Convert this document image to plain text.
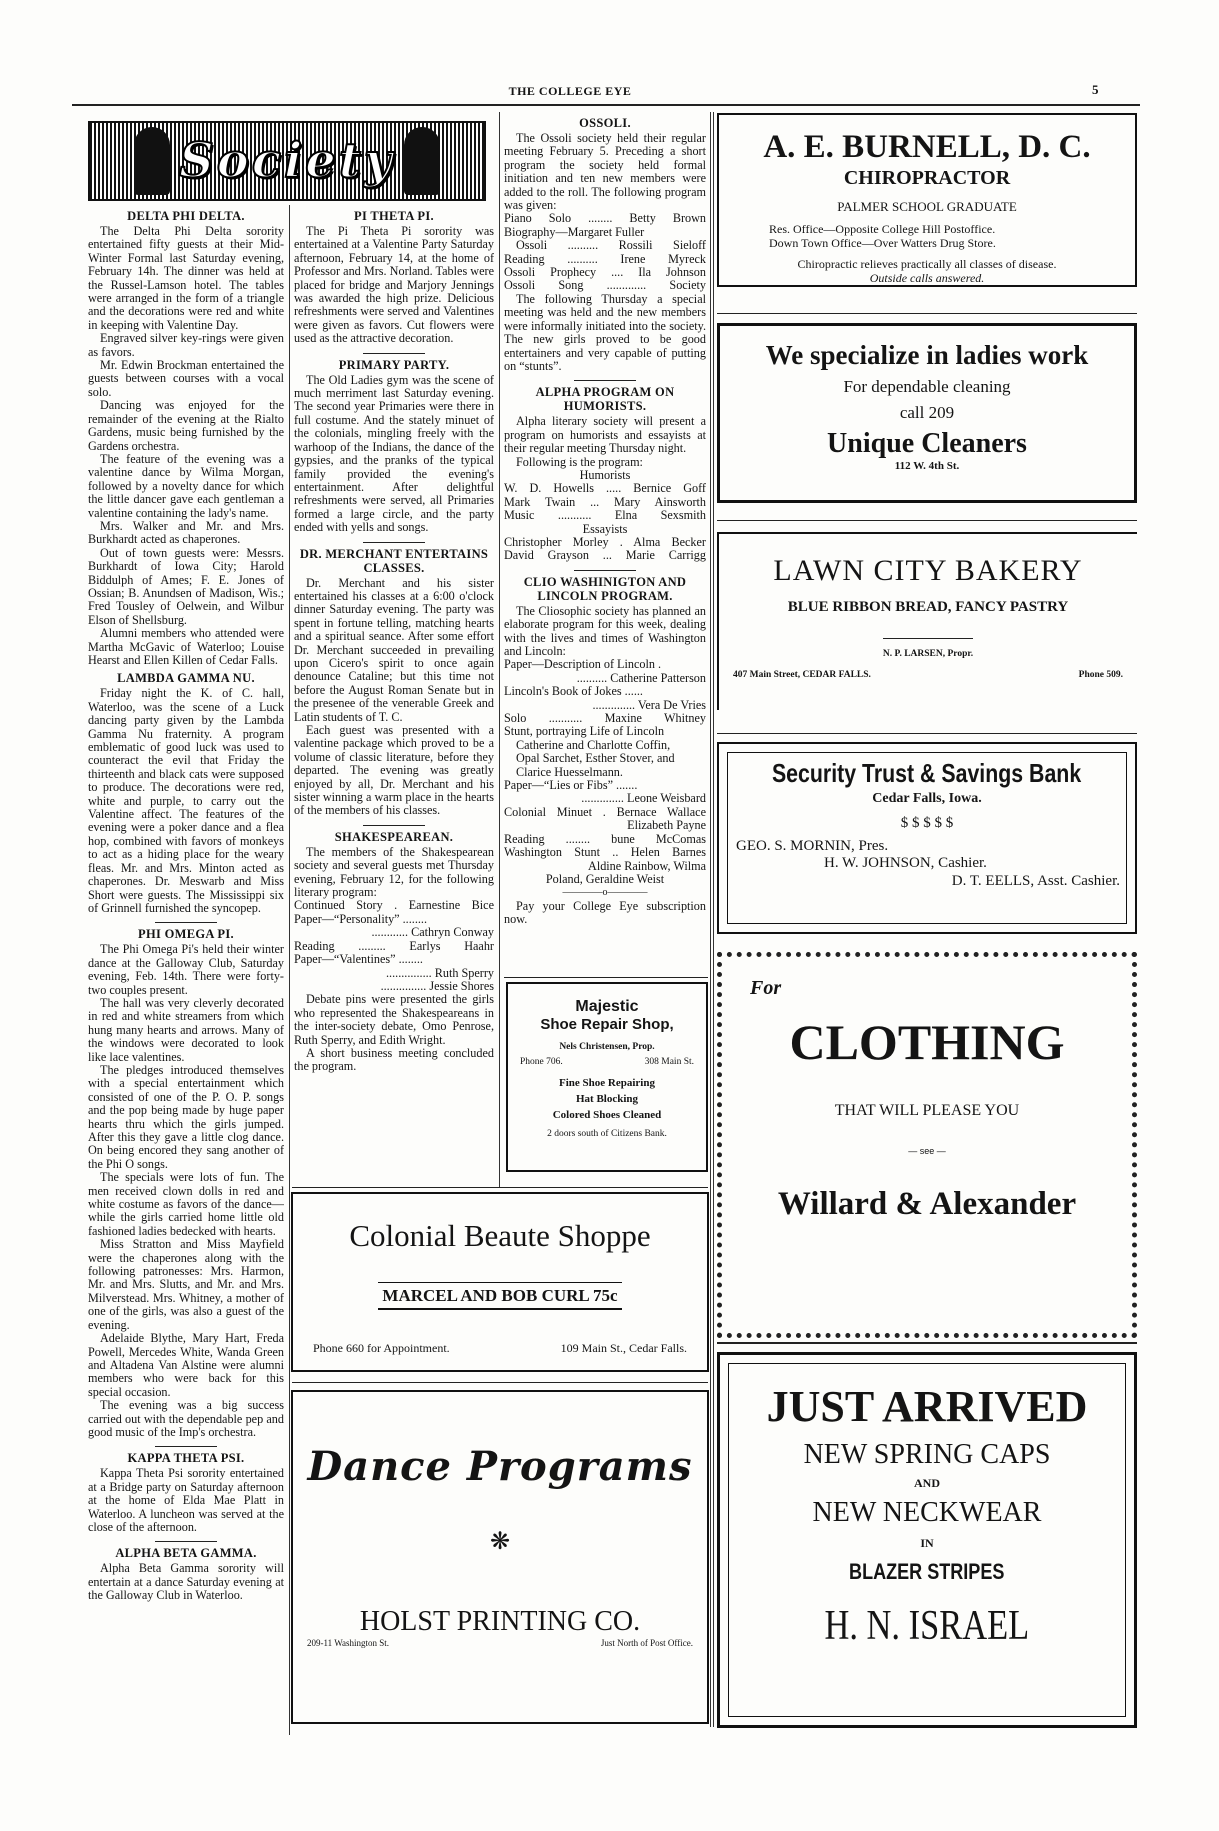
THE COLLEGE EYE	5
Society
DELTA PHI DELTA.

The Delta Phi Delta sorority entertained fifty guests at their Mid-Winter Formal last Saturday evening, February 14h. The dinner was held at the Russel-Lamson hotel. The tables were arranged in the form of a triangle and the decorations were red and white in keeping with Valentine Day.

Engraved silver key-rings were given as favors.

Mr. Edwin Brockman entertained the guests between courses with a vocal solo.

Dancing was enjoyed for the remainder of the evening at the Rialto Gardens, music being furnished by the Gardens orchestra.

The feature of the evening was a valentine dance by Wilma Morgan, followed by a novelty dance for which the little dancer gave each gentleman a valentine containing the lady's name.

Mrs. Walker and Mr. and Mrs. Burkhardt acted as chaperones.

Out of town guests were: Messrs. Burkhardt of Iowa City; Harold Biddulph of Ames; F. E. Jones of Ossian; B. Anundsen of Madison, Wis.; Fred Tousley of Oelwein, and Wilbur Elson of Shellsburg.

Alumni members who attended were Martha McGavic of Waterloo; Louise Hearst and Ellen Killen of Cedar Falls.

LAMBDA GAMMA NU.

Friday night the K. of C. hall, Waterloo, was the scene of a Luck dancing party given by the Lambda Gamma Nu fraternity. A program emblematic of good luck was used to counteract the evil that Friday the thirteenth and black cats were supposed to produce. The decorations were red, white and purple, to carry out the Valentine affect. The features of the evening were a poker dance and a flea hop, combined with favors of monkeys to act as a hiding place for the weary fleas. Mr. and Mrs. Minton acted as chaperones. Dr. Meswarb and Miss Short were guests. The Mississippi six of Grinnell furnished the syncopep.

PHI OMEGA PI.

The Phi Omega Pi's held their winter dance at the Galloway Club, Saturday evening, Feb. 14th. There were forty-two couples present.

The hall was very cleverly decorated in red and white streamers from which hung many hearts and arrows. Many of the windows were decorated to look like lace valentines.

The pledges introduced themselves with a special entertainment which consisted of one of the P. O. P. songs and the pop being made by huge paper hearts thru which the girls jumped. After this they gave a little clog dance. On being encored they sang another of the Phi O songs.

The specials were lots of fun. The men received clown dolls in red and white costume as favors of the dance—while the girls carried home little old fashioned ladies bedecked with hearts.

Miss Stratton and Miss Mayfield were the chaperones along with the following patronesses: Mrs. Harmon, Mr. and Mrs. Slutts, and Mr. and Mrs. Milverstead. Mrs. Whitney, a mother of one of the girls, was also a guest of the evening.

Adelaide Blythe, Mary Hart, Freda Powell, Mercedes White, Wanda Green and Altadena Van Alstine were alumni members who were back for this special occasion.

The evening was a big success carried out with the dependable pep and good music of the Imp's orchestra.

KAPPA THETA PSI.

Kappa Theta Psi sorority entertained at a Bridge party on Saturday afternoon at the home of Elda Mae Platt in Waterloo. A luncheon was served at the close of the afternoon.

ALPHA BETA GAMMA.

Alpha Beta Gamma sorority will entertain at a dance Saturday evening at the Galloway Club in Waterloo.

PI THETA PI.

The Pi Theta Pi sorority was entertained at a Valentine Party Saturday afternoon, February 14, at the home of Professor and Mrs. Norland. Tables were placed for bridge and Marjory Jennings was awarded the high prize. Delicious refreshments were served and Valentines were given as favors. Cut flowers were used as the attractive decoration.

PRIMARY PARTY.

The Old Ladies gym was the scene of much merriment last Saturday evening. The second year Primaries were there in full costume. And the stately minuet of the colonials, mingling freely with the warhoop of the Indians, the dance of the gypsies, and the pranks of the typical family provided the evening's entertainment. After delightful refreshments were served, all Primaries formed a large circle, and the party ended with yells and songs.

DR. MERCHANT ENTERTAINS CLASSES.

Dr. Merchant and his sister entertained his classes at a 6:00 o'clock dinner Saturday evening. The party was spent in fortune telling, matching hearts and a spiritual seance. After some effort Dr. Merchant succeeded in prevailing upon Cicero's spirit to once again denounce Cataline; but this time not before the August Roman Senate but in the presenee of the venerable Greek and Latin students of T. C.

Each guest was presented with a valentine package which proved to be a volume of classic literature, before they departed. The evening was greatly enjoyed by all, Dr. Merchant and his sister winning a warm place in the hearts of the members of his classes.

SHAKESPEAREAN.

The members of the Shakespearean society and several guests met Thursday evening, February 12, for the following literary program:

Continued Story . Earnestine Bice
Paper—“Personality” ........
............ Cathryn Conway
Reading ......... Earlys Haahr
Paper—“Valentines” ........
............... Ruth Sperry
............... Jessie Shores

Debate pins were presented the girls who represented the Shakespeareans in the inter-society debate, Omo Penrose, Ruth Sperry, and Edith Wright.

A short business meeting concluded the program.

OSSOLI.

The Ossoli society held their regular meeting February 5. Preceding a short program the society held formal initiation and ten new members were added to the roll. The following program was given:

Piano Solo ........ Betty Brown
Biography—Margaret Fuller
Ossoli .......... Rossili Sieloff
Reading .......... Irene Myreck
Ossoli Prophecy .... Ila Johnson
Ossoli Song ............. Society

The following Thursday a special meeting was held and the new members were informally initiated into the society. The new girls proved to be good entertainers and very capable of putting on “stunts”.

ALPHA PROGRAM ON HUMORISTS.

Alpha literary society will present a program on humorists and essayists at their regular meeting Thursday night.

Following is the program:

Humorists
W. D. Howells ..... Bernice Goff
Mark Twain ... Mary Ainsworth
Music ........... Elna Sexsmith
Essayists
Christopher Morley . Alma Becker
David Grayson ... Marie Carrigg
CLIO WASHINIGTON AND LINCOLN PROGRAM.

The Cliosophic society has planned an elaborate program for this week, dealing with the lives and times of Washington and Lincoln:

Paper—Description of Lincoln .
.......... Catherine Patterson
Lincoln's Book of Jokes ......
.............. Vera De Vries
Solo ........... Maxine Whitney
Stunt, portraying Life of Lincoln
Catherine and Charlotte Coffin,
Opal Sarchet, Esther Stover, and
Clarice Huesselmann.
Paper—“Lies or Fibs” .......
.............. Leone Weisbard
Colonial Minuet . Bernace Wallace
Elizabeth Payne
Reading ........ bune McComas
Washington Stunt .. Helen Barnes
Aldine Rainbow, Wilma
Poland, Geraldine Weist
————o————

Pay your College Eye subscription now.

A. E. BURNELL, D. C.
CHIROPRACTOR
PALMER SCHOOL GRADUATE
Res. Office—Opposite College Hill Postoffice.
Down Town Office—Over Watters Drug Store.
Chiropractic relieves practically all classes of disease.
Outside calls answered.
We specialize in ladies work
For dependable cleaning
call 209
Unique Cleaners
112 W. 4th St.
LAWN CITY BAKERY
BLUE RIBBON BREAD, FANCY PASTRY
N. P. LARSEN, Propr.
407 Main Street, CEDAR FALLS.	Phone 509.
Security Trust & Savings Bank
Cedar Falls, Iowa.
$ $ $ $ $
GEO. S. MORNIN, Pres.
H. W. JOHNSON, Cashier.
D. T. EELLS, Asst. Cashier.
For
CLOTHING
THAT WILL PLEASE YOU
— see —
Willard & Alexander
JUST ARRIVED
NEW SPRING CAPS
AND
NEW NECKWEAR
IN
BLAZER STRIPES
H. N. ISRAEL
Majestic
Shoe Repair Shop,
Nels Christensen, Prop.
Phone 706.	308 Main St.
Fine Shoe Repairing
Hat Blocking
Colored Shoes Cleaned
2 doors south of Citizens Bank.
Colonial Beaute Shoppe
MARCEL AND BOB CURL 75c
Phone 660 for Appointment.	109 Main St., Cedar Falls.
Dance Programs
❋
HOLST PRINTING CO.
209-11 Washington St.	Just North of Post Office.
